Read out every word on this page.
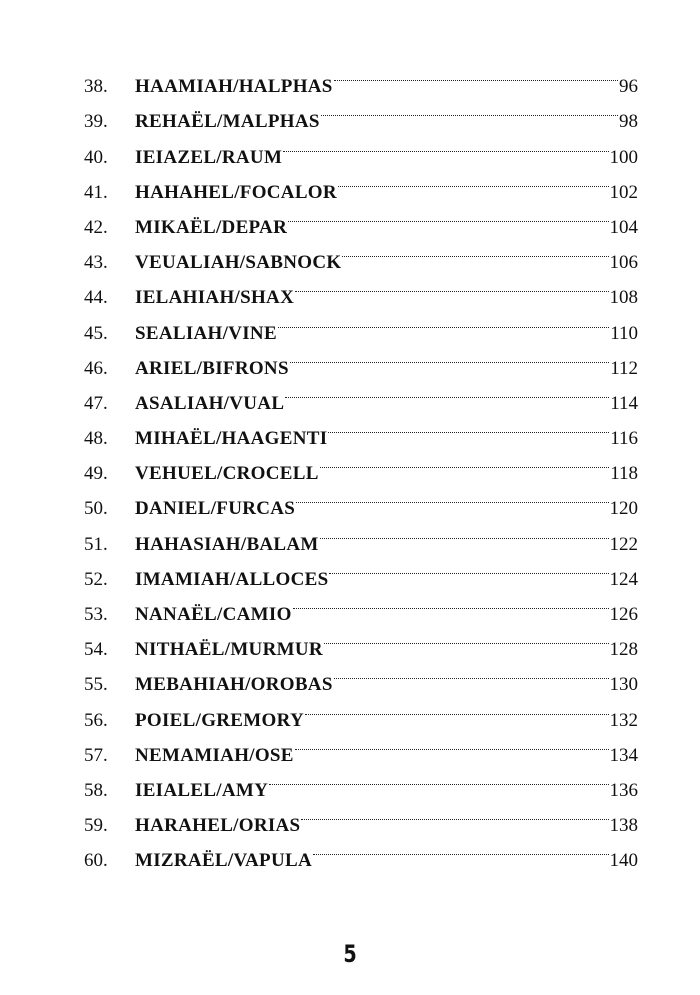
38.	HAAMIAH/HALPHAS	96
39.	REHAËL/MALPHAS	98
40.	IEIAZEL/RAUM	100
41.	HAHAHEL/FOCALOR	102
42.	MIKAËL/DEPAR	104
43.	VEUALIAH/SABNOCK	106
44.	IELAHIAH/SHAX	108
45.	SEALIAH/VINE	110
46.	ARIEL/BIFRONS	112
47.	ASALIAH/VUAL	114
48.	MIHAËL/HAAGENTI	116
49.	VEHUEL/CROCELL	118
50.	DANIEL/FURCAS	120
51.	HAHASIAH/BALAM	122
52.	IMAMIAH/ALLOCES	124
53.	NANAËL/CAMIO	126
54.	NITHAËL/MURMUR	128
55.	MEBAHIAH/OROBAS	130
56.	POIEL/GREMORY	132
57.	NEMAMIAH/OSE	134
58.	IEIALEL/AMY	136
59.	HARAHEL/ORIAS	138
60.	MIZRAËL/VAPULA	140
5
